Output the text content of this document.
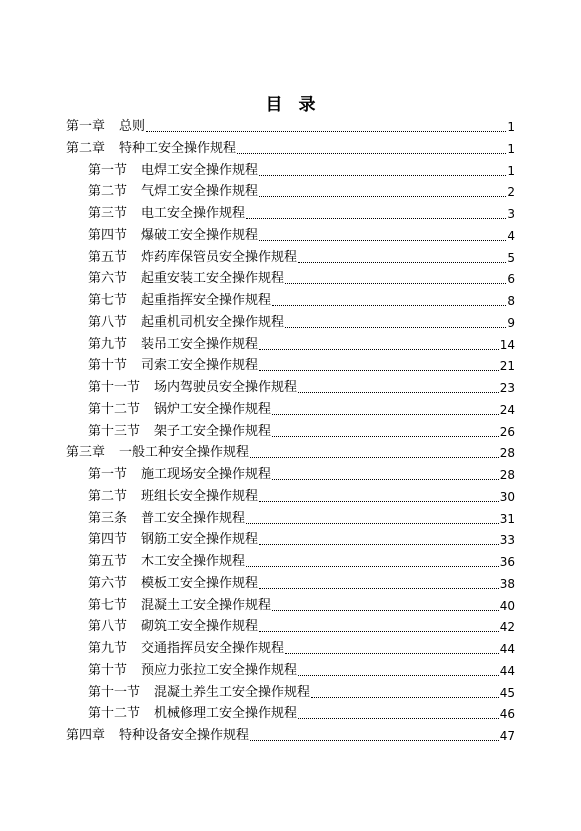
目 录
第一章 总则	1
第二章 特种工安全操作规程	1
第一节 电焊工安全操作规程	1
第二节 气焊工安全操作规程	2
第三节 电工安全操作规程	3
第四节 爆破工安全操作规程	4
第五节 炸药库保管员安全操作规程	5
第六节 起重安装工安全操作规程	6
第七节 起重指挥安全操作规程	8
第八节 起重机司机安全操作规程	9
第九节 装吊工安全操作规程	14
第十节 司索工安全操作规程	21
第十一节 场内驾驶员安全操作规程	23
第十二节 锅炉工安全操作规程	24
第十三节 架子工安全操作规程	26
第三章 一般工种安全操作规程	28
第一节 施工现场安全操作规程	28
第二节 班组长安全操作规程	30
第三条 普工安全操作规程	31
第四节 钢筋工安全操作规程	33
第五节 木工安全操作规程	36
第六节 模板工安全操作规程	38
第七节 混凝土工安全操作规程	40
第八节 砌筑工安全操作规程	42
第九节 交通指挥员安全操作规程	44
第十节 预应力张拉工安全操作规程	44
第十一节 混凝土养生工安全操作规程	45
第十二节 机械修理工安全操作规程	46
第四章 特种设备安全操作规程	47
